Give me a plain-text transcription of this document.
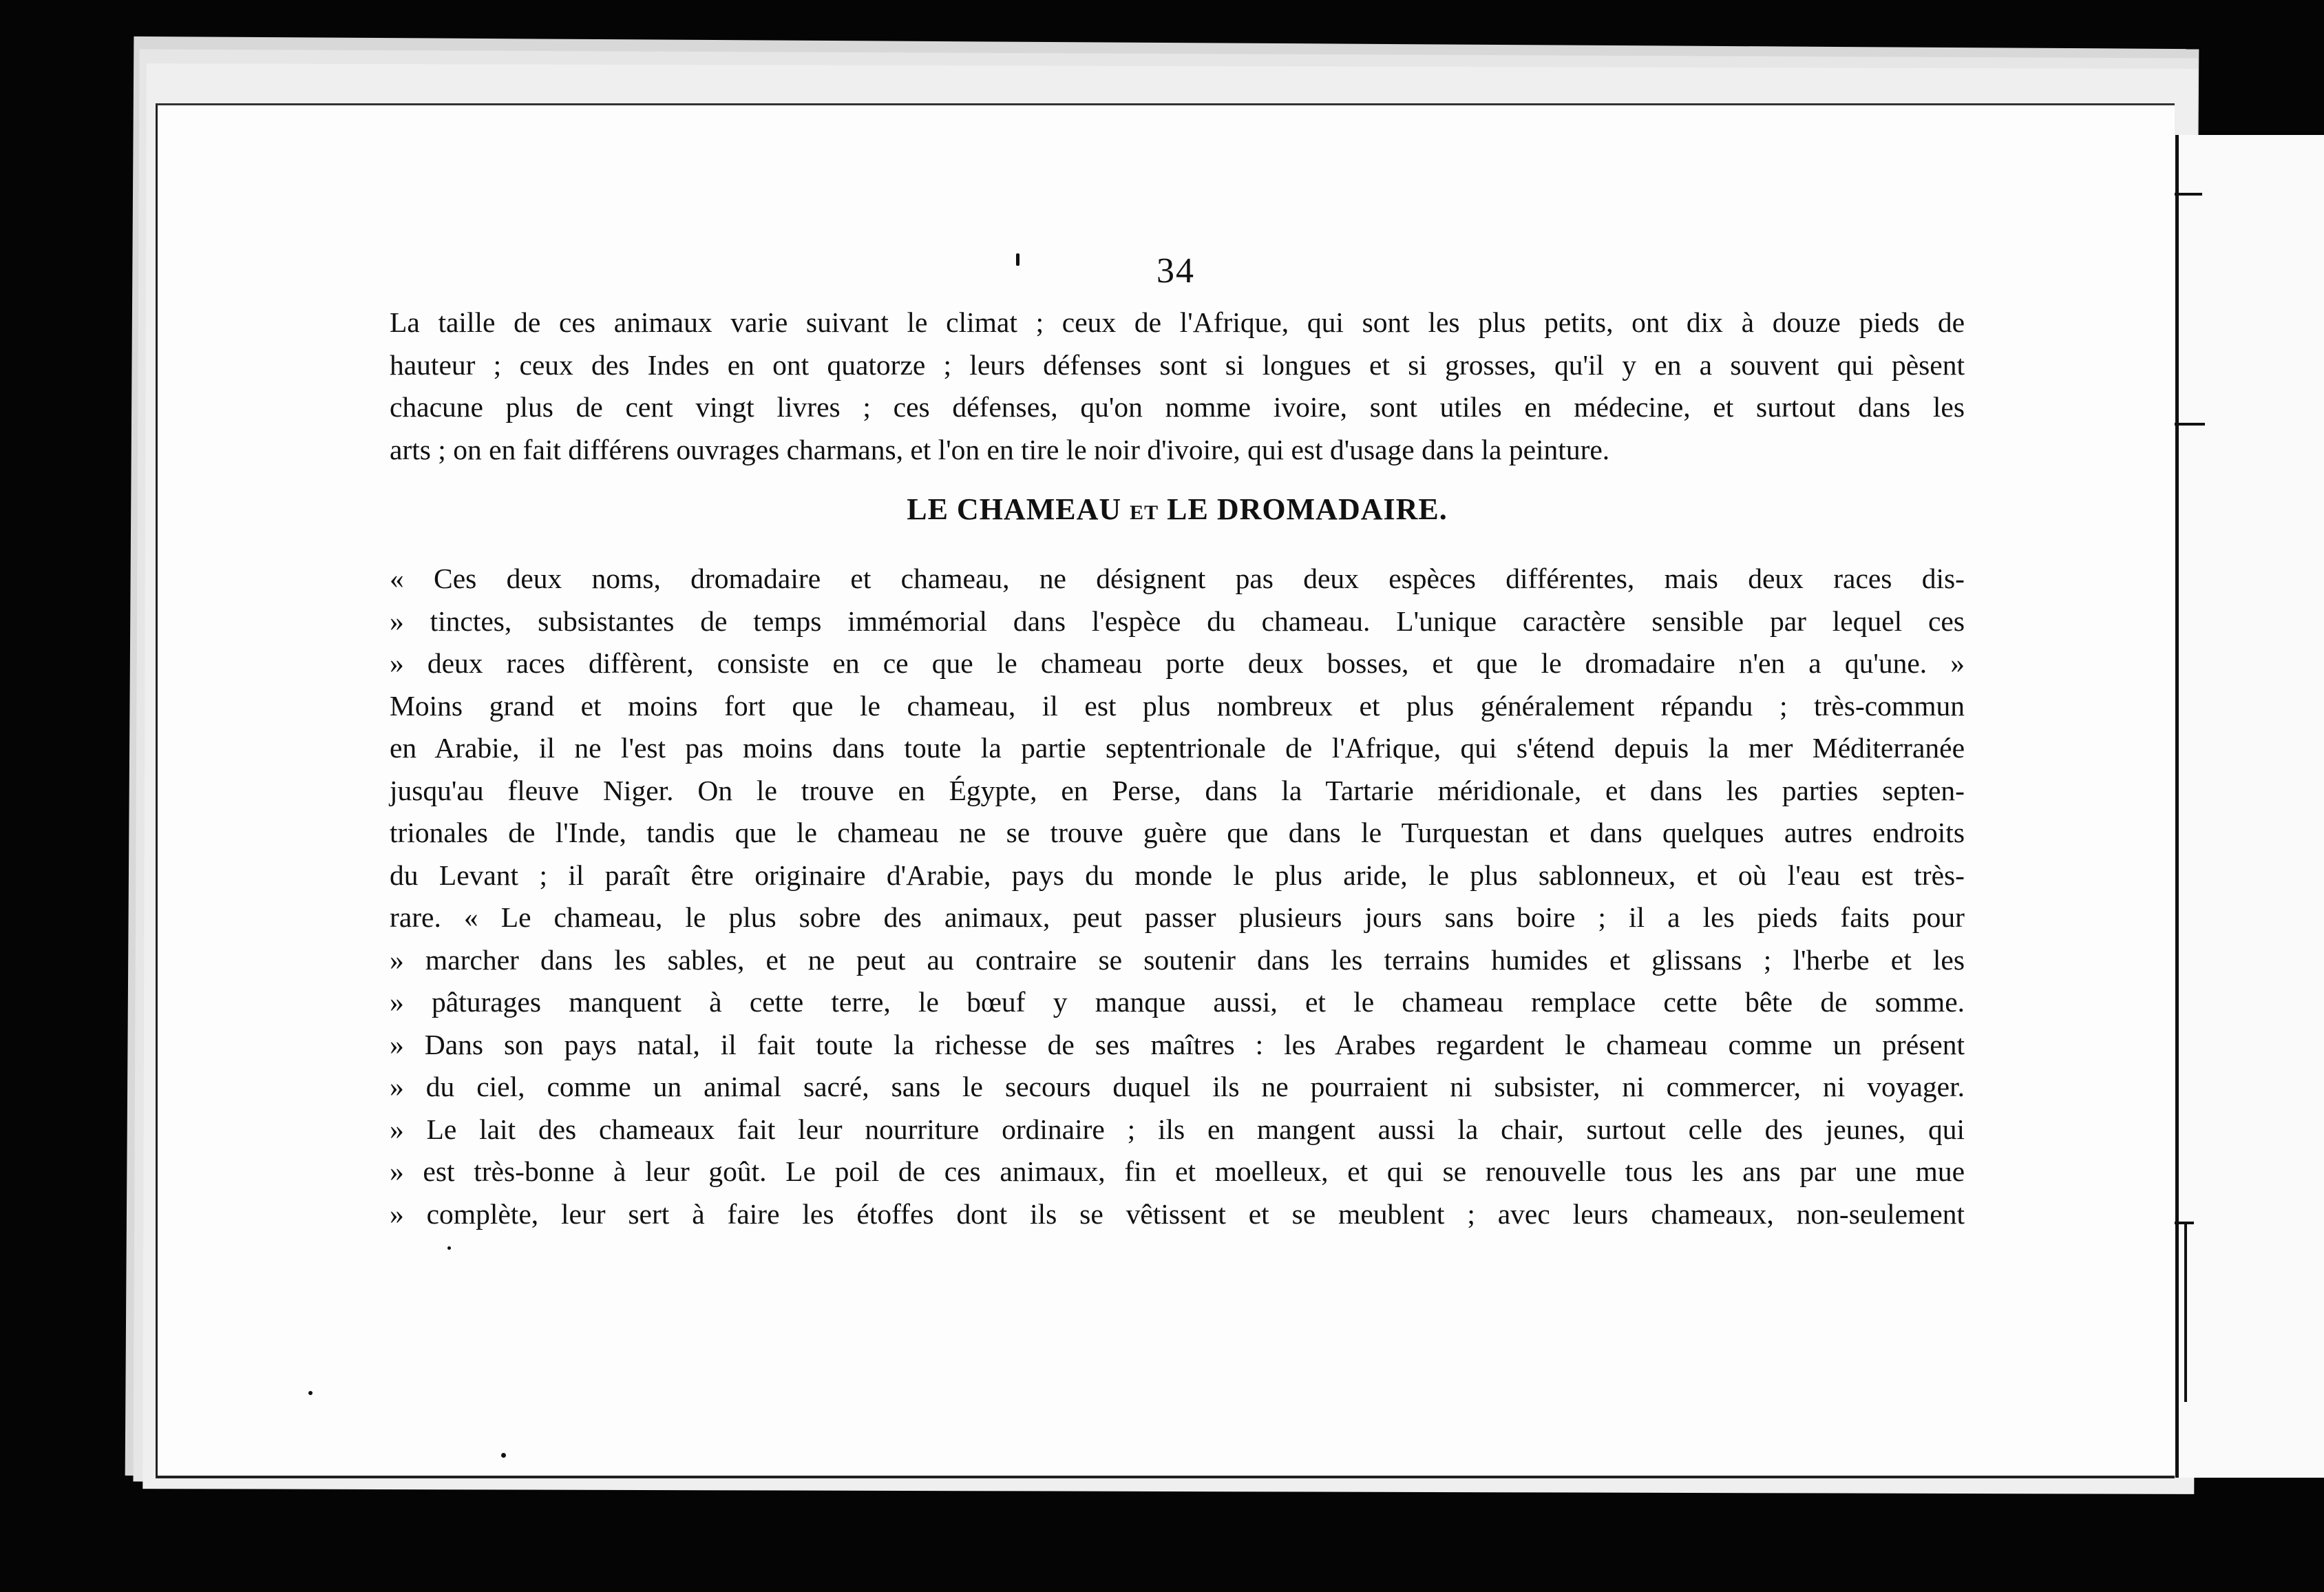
34
La taille de ces animaux varie suivant le climat ; ceux de l'Afrique, qui sont les plus petits, ont dix à douze pieds de
hauteur ; ceux des Indes en ont quatorze ; leurs défenses sont si longues et si grosses, qu'il y en a souvent qui pèsent
chacune plus de cent vingt livres ; ces défenses, qu'on nomme ivoire, sont utiles en médecine, et surtout dans les
arts ; on en fait différens ouvrages charmans, et l'on en tire le noir d'ivoire, qui est d'usage dans la peinture.
LE CHAMEAU ET LE DROMADAIRE.
« Ces deux noms, dromadaire et chameau, ne désignent pas deux espèces différentes, mais deux races dis-
» tinctes, subsistantes de temps immémorial dans l'espèce du chameau. L'unique caractère sensible par lequel ces
» deux races diffèrent, consiste en ce que le chameau porte deux bosses, et que le dromadaire n'en a qu'une. »
Moins grand et moins fort que le chameau, il est plus nombreux et plus généralement répandu ; très-commun
en Arabie, il ne l'est pas moins dans toute la partie septentrionale de l'Afrique, qui s'étend depuis la mer Méditerranée
jusqu'au fleuve Niger. On le trouve en Égypte, en Perse, dans la Tartarie méridionale, et dans les parties septen-
trionales de l'Inde, tandis que le chameau ne se trouve guère que dans le Turquestan et dans quelques autres endroits
du Levant ; il paraît être originaire d'Arabie, pays du monde le plus aride, le plus sablonneux, et où l'eau est très-
rare. « Le chameau, le plus sobre des animaux, peut passer plusieurs jours sans boire ; il a les pieds faits pour
» marcher dans les sables, et ne peut au contraire se soutenir dans les terrains humides et glissans ; l'herbe et les
» pâturages manquent à cette terre, le bœuf y manque aussi, et le chameau remplace cette bête de somme.
» Dans son pays natal, il fait toute la richesse de ses maîtres : les Arabes regardent le chameau comme un présent
» du ciel, comme un animal sacré, sans le secours duquel ils ne pourraient ni subsister, ni commercer, ni voyager.
» Le lait des chameaux fait leur nourriture ordinaire ; ils en mangent aussi la chair, surtout celle des jeunes, qui
» est très-bonne à leur goût. Le poil de ces animaux, fin et moelleux, et qui se renouvelle tous les ans par une mue
» complète, leur sert à faire les étoffes dont ils se vêtissent et se meublent ; avec leurs chameaux, non-seulement
